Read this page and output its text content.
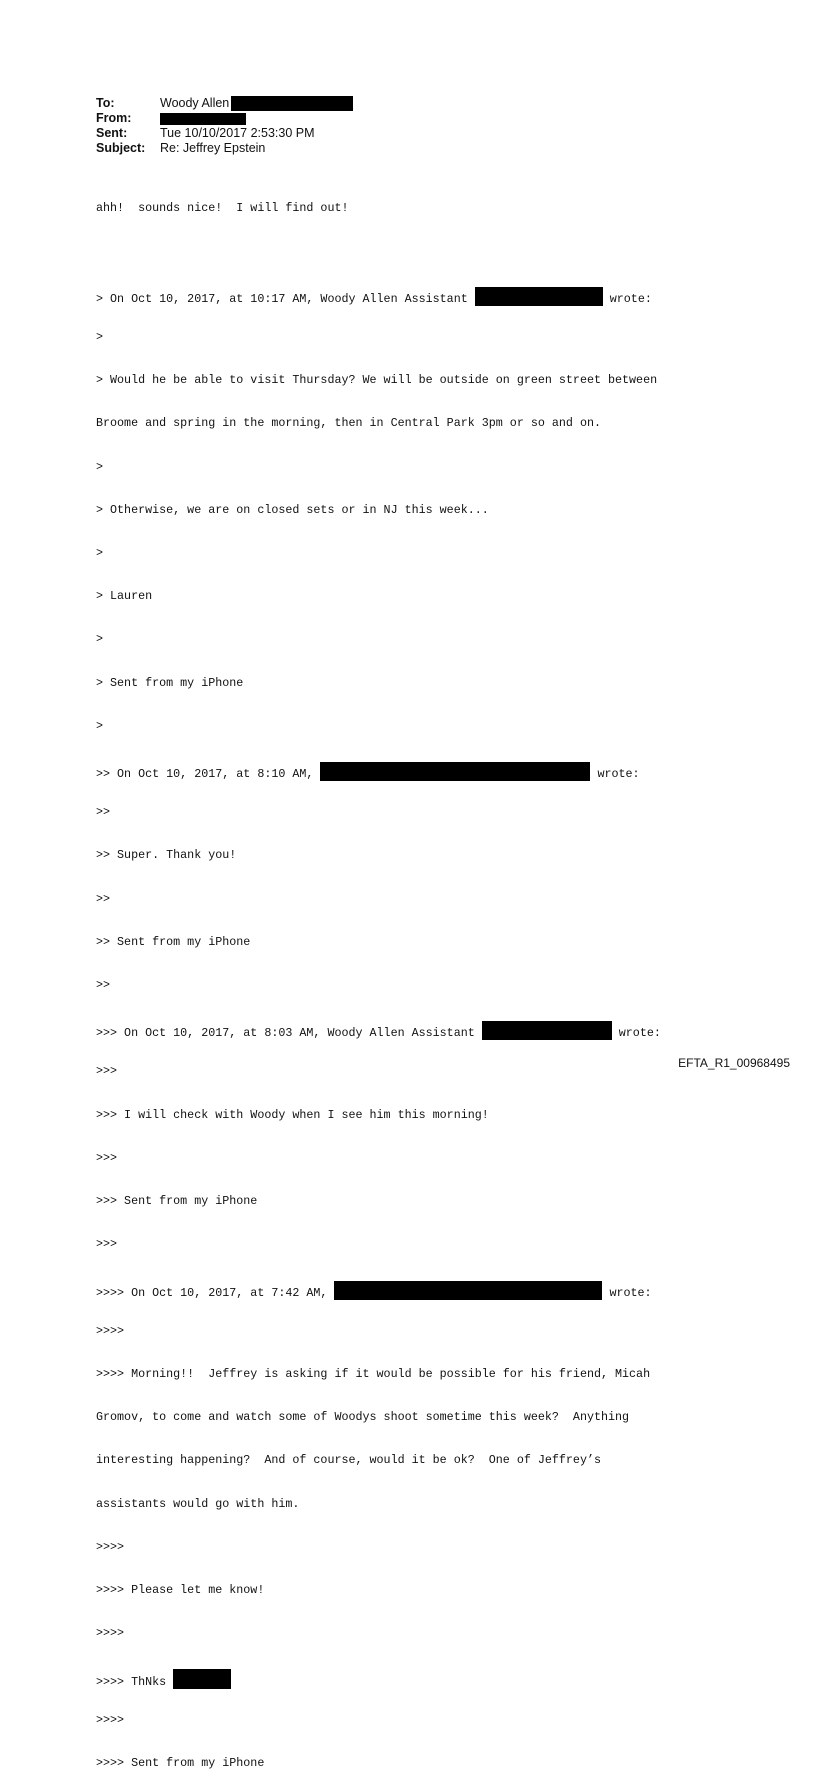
To:	Woody Allen
From:
Sent:	Tue 10/10/2017 2:53:30 PM
Subject:	Re: Jeffrey Epstein

ahh!  sounds nice!  I will find out!

> On Oct 10, 2017, at 10:17 AM, Woody Allen Assistant	wrote:

>

> Would he be able to visit Thursday? We will be outside on green street between

Broome and spring in the morning, then in Central Park 3pm or so and on.

>

> Otherwise, we are on closed sets or in NJ this week...

>

> Lauren

>

> Sent from my iPhone

>

>> On Oct 10, 2017, at 8:10 AM,	wrote:

>>

>> Super. Thank you!

>>

>> Sent from my iPhone

>>

>>> On Oct 10, 2017, at 8:03 AM, Woody Allen Assistant	wrote:

>>>

>>> I will check with Woody when I see him this morning!

>>>

>>> Sent from my iPhone

>>>

>>>> On Oct 10, 2017, at 7:42 AM,	wrote:

>>>>

>>>> Morning!!  Jeffrey is asking if it would be possible for his friend, Micah

Gromov, to come and watch some of Woodys shoot sometime this week?  Anything

interesting happening?  And of course, would it be ok?  One of Jeffrey’s

assistants would go with him.

>>>>

>>>> Please let me know!

>>>>

>>>> ThNks

>>>>

>>>> Sent from my iPhone

EFTA_R1_00968495
